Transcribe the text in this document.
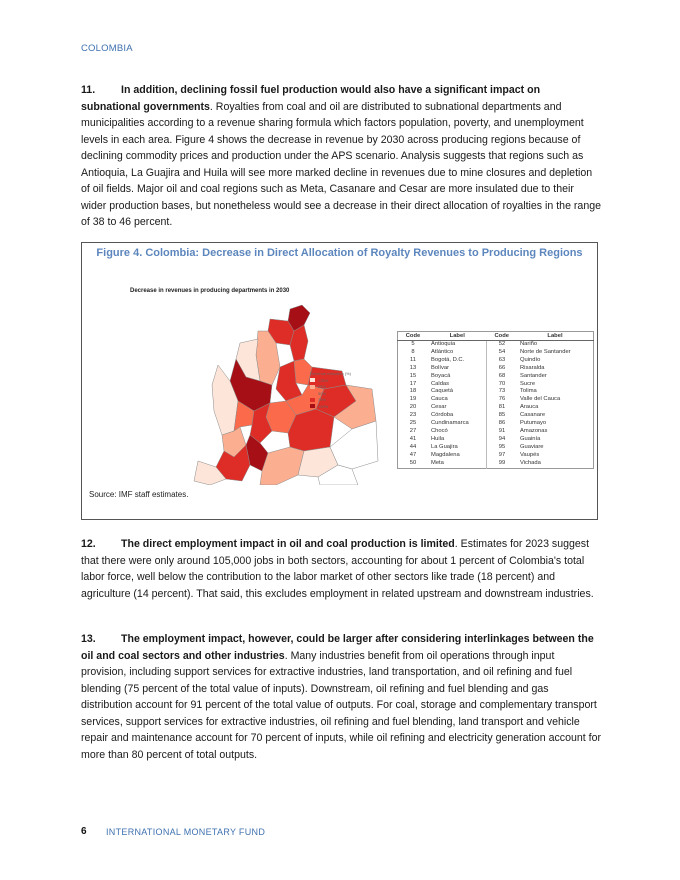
COLOMBIA

11. In addition, declining fossil fuel production would also have a significant impact on subnational governments. Royalties from coal and oil are distributed to subnational departments and municipalities according to a revenue sharing formula which factors population, poverty, and unemployment levels in each area. Figure 4 shows the decrease in revenue by 2030 across producing regions because of declining commodity prices and production under the APS scenario. Analysis suggests that regions such as Antioquia, La Guajira and Huila will see more marked decline in revenues due to mine closures and depletion of oil fields. Major oil and coal regions such as Meta, Casanare and Cesar are more insulated due to their wider production bases, but nonetheless would see a decrease in their direct allocation of royalties in the range of 38 to 46 percent.

Figure 4. Colombia: Decrease in Direct Allocation of Royalty Revenues to Producing Regions
Decrease in revenues in producing departments in 2030
Revenue reduction (%)
<25%
25%
50%
75%
100%
Code	Label	Code	Label
5	Antioquia	52	Nariño
8	Atlántico	54	Norte de Santander
11	Bogotá, D.C.	63	Quindío
13	Bolívar	66	Risaralda
15	Boyacá	68	Santander
17	Caldas	70	Sucre
18	Caquetá	73	Tolima
19	Cauca	76	Valle del Cauca
20	Cesar	81	Arauca
23	Córdoba	85	Casanare
25	Cundinamarca	86	Putumayo
27	Chocó	91	Amazonas
41	Huila	94	Guainía
44	La Guajira	95	Guaviare
47	Magdalena	97	Vaupés
50	Meta	99	Vichada
Source: IMF staff estimates.

12. The direct employment impact in oil and coal production is limited. Estimates for 2023 suggest that there were only around 105,000 jobs in both sectors, accounting for about 1 percent of Colombia's total labor force, well below the contribution to the labor market of other sectors like trade (18 percent) and agriculture (14 percent). That said, this excludes employment in related upstream and downstream industries.

13. The employment impact, however, could be larger after considering interlinkages between the oil and coal sectors and other industries. Many industries benefit from oil operations through input provision, including support services for extractive industries, land transportation, and oil refining and fuel blending (75 percent of the total value of inputs). Downstream, oil refining and fuel blending and gas distribution account for 91 percent of the total value of outputs. For coal, storage and complementary transport services, support services for extractive industries, oil refining and fuel blending, land transport and vehicle repair and maintenance account for 70 percent of inputs, while oil refining and electricity generation account for more than 80 percent of total outputs.

6 INTERNATIONAL MONETARY FUND
